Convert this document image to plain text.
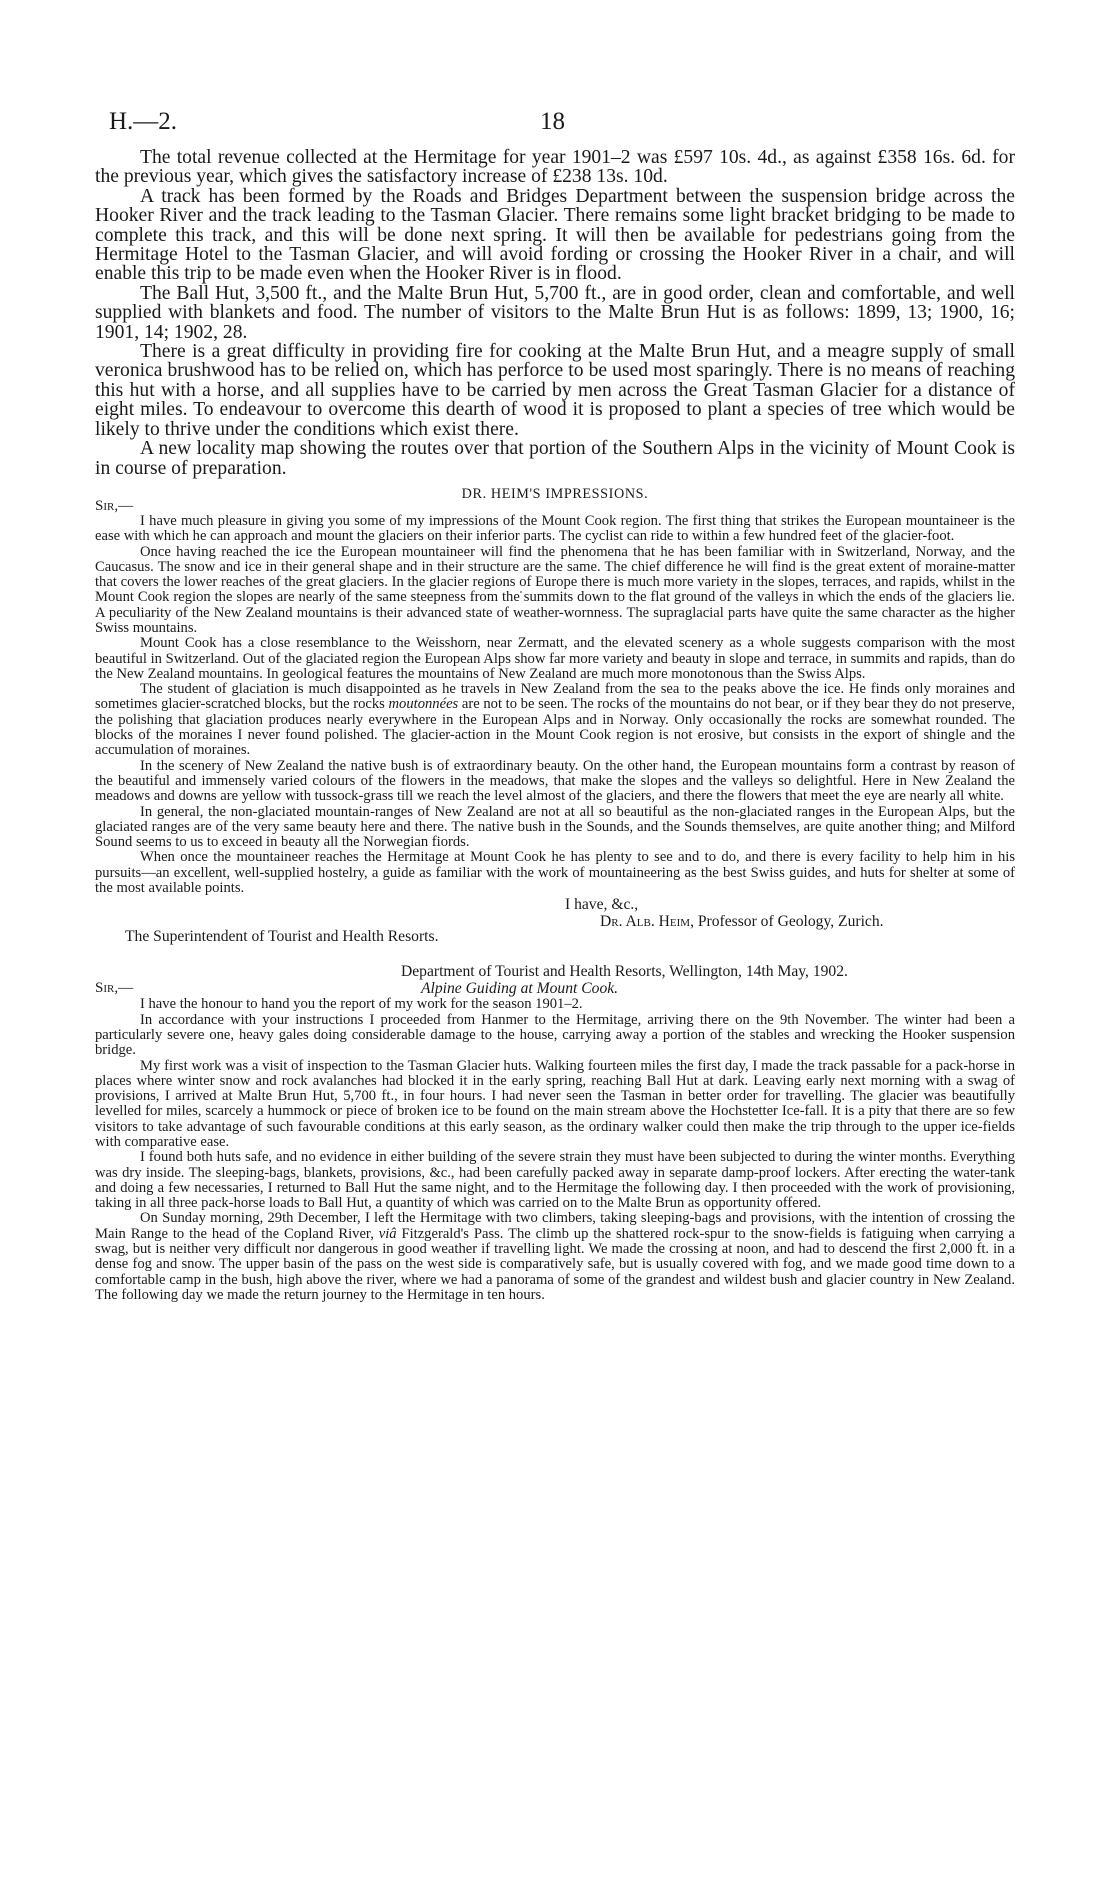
H.—2.	18

The total revenue collected at the Hermitage for year 1901–2 was £597 10s. 4d., as against £358 16s. 6d. for the previous year, which gives the satisfactory increase of £238 13s. 10d.

A track has been formed by the Roads and Bridges Department between the suspension bridge across the Hooker River and the track leading to the Tasman Glacier. There remains some light bracket bridging to be made to complete this track, and this will be done next spring. It will then be available for pedestrians going from the Hermitage Hotel to the Tasman Glacier, and will avoid fording or crossing the Hooker River in a chair, and will enable this trip to be made even when the Hooker River is in flood.

The Ball Hut, 3,500 ft., and the Malte Brun Hut, 5,700 ft., are in good order, clean and comfortable, and well supplied with blankets and food. The number of visitors to the Malte Brun Hut is as follows: 1899, 13; 1900, 16; 1901, 14; 1902, 28.

There is a great difficulty in providing fire for cooking at the Malte Brun Hut, and a meagre supply of small veronica brushwood has to be relied on, which has perforce to be used most sparingly. There is no means of reaching this hut with a horse, and all supplies have to be carried by men across the Great Tasman Glacier for a distance of eight miles. To endeavour to overcome this dearth of wood it is proposed to plant a species of tree which would be likely to thrive under the conditions which exist there.

A new locality map showing the routes over that portion of the Southern Alps in the vicinity of Mount Cook is in course of preparation.

DR. HEIM'S IMPRESSIONS.
Sir,—

I have much pleasure in giving you some of my impressions of the Mount Cook region. The first thing that strikes the European mountaineer is the ease with which he can approach and mount the glaciers on their inferior parts. The cyclist can ride to within a few hundred feet of the glacier-foot.

Once having reached the ice the European mountaineer will find the phenomena that he has been familiar with in Switzerland, Norway, and the Caucasus. The snow and ice in their general shape and in their structure are the same. The chief difference he will find is the great extent of moraine-matter that covers the lower reaches of the great glaciers. In the glacier regions of Europe there is much more variety in the slopes, terraces, and rapids, whilst in the Mount Cook region the slopes are nearly of the same steepness from the summits down to the flat ground of the valleys in which the ends of the glaciers lie. A peculiarity of the New Zealand mountains is their advanced state of weather-wornness. The supraglacial parts have quite the same character as the higher Swiss mountains.

Mount Cook has a close resemblance to the Weisshorn, near Zermatt, and the elevated scenery as a whole suggests comparison with the most beautiful in Switzerland. Out of the glaciated region the European Alps show far more variety and beauty in slope and terrace, in summits and rapids, than do the New Zealand mountains. In geological features the mountains of New Zealand are much more monotonous than the Swiss Alps.

The student of glaciation is much disappointed as he travels in New Zealand from the sea to the peaks above the ice. He finds only moraines and sometimes glacier-scratched blocks, but the rocks moutonnées are not to be seen. The rocks of the mountains do not bear, or if they bear they do not preserve, the polishing that glaciation produces nearly everywhere in the European Alps and in Norway. Only occasionally the rocks are somewhat rounded. The blocks of the moraines I never found polished. The glacier-action in the Mount Cook region is not erosive, but consists in the export of shingle and the accumulation of moraines.

In the scenery of New Zealand the native bush is of extraordinary beauty. On the other hand, the European mountains form a contrast by reason of the beautiful and immensely varied colours of the flowers in the meadows, that make the slopes and the valleys so delightful. Here in New Zealand the meadows and downs are yellow with tussock-grass till we reach the level almost of the glaciers, and there the flowers that meet the eye are nearly all white.

In general, the non-glaciated mountain-ranges of New Zealand are not at all so beautiful as the non-glaciated ranges in the European Alps, but the glaciated ranges are of the very same beauty here and there. The native bush in the Sounds, and the Sounds themselves, are quite another thing; and Milford Sound seems to us to exceed in beauty all the Norwegian fiords.

When once the mountaineer reaches the Hermitage at Mount Cook he has plenty to see and to do, and there is every facility to help him in his pursuits—an excellent, well-supplied hostelry, a guide as familiar with the work of mountaineering as the best Swiss guides, and huts for shelter at some of the most available points.

I have, &c.,
Dr. Alb. Heim, Professor of Geology, Zurich.
The Superintendent of Tourist and Health Resorts.
Department of Tourist and Health Resorts, Wellington, 14th May, 1902.
Sir,—	Alpine Guiding at Mount Cook.

I have the honour to hand you the report of my work for the season 1901–2.

In accordance with your instructions I proceeded from Hanmer to the Hermitage, arriving there on the 9th November. The winter had been a particularly severe one, heavy gales doing considerable damage to the house, carrying away a portion of the stables and wrecking the Hooker suspension bridge.

My first work was a visit of inspection to the Tasman Glacier huts. Walking fourteen miles the first day, I made the track passable for a pack-horse in places where winter snow and rock avalanches had blocked it in the early spring, reaching Ball Hut at dark. Leaving early next morning with a swag of provisions, I arrived at Malte Brun Hut, 5,700 ft., in four hours. I had never seen the Tasman in better order for travelling. The glacier was beautifully levelled for miles, scarcely a hummock or piece of broken ice to be found on the main stream above the Hochstetter Ice-fall. It is a pity that there are so few visitors to take advantage of such favourable conditions at this early season, as the ordinary walker could then make the trip through to the upper ice-fields with comparative ease.

I found both huts safe, and no evidence in either building of the severe strain they must have been subjected to during the winter months. Everything was dry inside. The sleeping-bags, blankets, provisions, &c., had been carefully packed away in separate damp-proof lockers. After erecting the water-tank and doing a few necessaries, I returned to Ball Hut the same night, and to the Hermitage the following day. I then proceeded with the work of provisioning, taking in all three pack-horse loads to Ball Hut, a quantity of which was carried on to the Malte Brun as opportunity offered.

On Sunday morning, 29th December, I left the Hermitage with two climbers, taking sleeping-bags and provisions, with the intention of crossing the Main Range to the head of the Copland River, viâ Fitzgerald's Pass. The climb up the shattered rock-spur to the snow-fields is fatiguing when carrying a swag, but is neither very difficult nor dangerous in good weather if travelling light. We made the crossing at noon, and had to descend the first 2,000 ft. in a dense fog and snow. The upper basin of the pass on the west side is comparatively safe, but is usually covered with fog, and we made good time down to a comfortable camp in the bush, high above the river, where we had a panorama of some of the grandest and wildest bush and glacier country in New Zealand. The following day we made the return journey to the Hermitage in ten hours.
